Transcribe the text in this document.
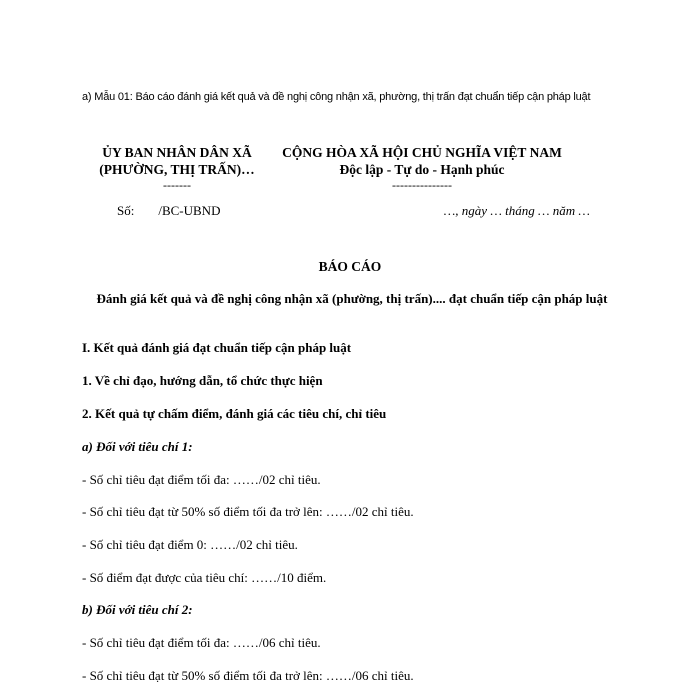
a) Mẫu 01: Báo cáo đánh giá kết quả và đề nghị công nhận xã, phường, thị trấn đạt chuẩn tiếp cận pháp luật
ỦY BAN NHÂN DÂN XÃ
(PHƯỜNG, THỊ TRẤN)…
-------
CỘNG HÒA XÃ HỘI CHỦ NGHĨA VIỆT NAM
Độc lập - Tự do - Hạnh phúc
---------------
Số: /BC-UBND	…, ngày … tháng … năm …
BÁO CÁO
Đánh giá kết quả và đề nghị công nhận xã (phường, thị trấn).... đạt chuẩn tiếp cận pháp luật
I. Kết quả đánh giá đạt chuẩn tiếp cận pháp luật
1. Về chỉ đạo, hướng dẫn, tổ chức thực hiện
2. Kết quả tự chấm điểm, đánh giá các tiêu chí, chỉ tiêu
a) Đối với tiêu chí 1:
- Số chỉ tiêu đạt điểm tối đa: ……/02 chỉ tiêu.
- Số chỉ tiêu đạt từ 50% số điểm tối đa trở lên: ……/02 chỉ tiêu.
- Số chỉ tiêu đạt điểm 0: ……/02 chỉ tiêu.
- Số điểm đạt được của tiêu chí: ……/10 điểm.
b) Đối với tiêu chí 2:
- Số chỉ tiêu đạt điểm tối đa: ……/06 chỉ tiêu.
- Số chỉ tiêu đạt từ 50% số điểm tối đa trở lên: ……/06 chỉ tiêu.
